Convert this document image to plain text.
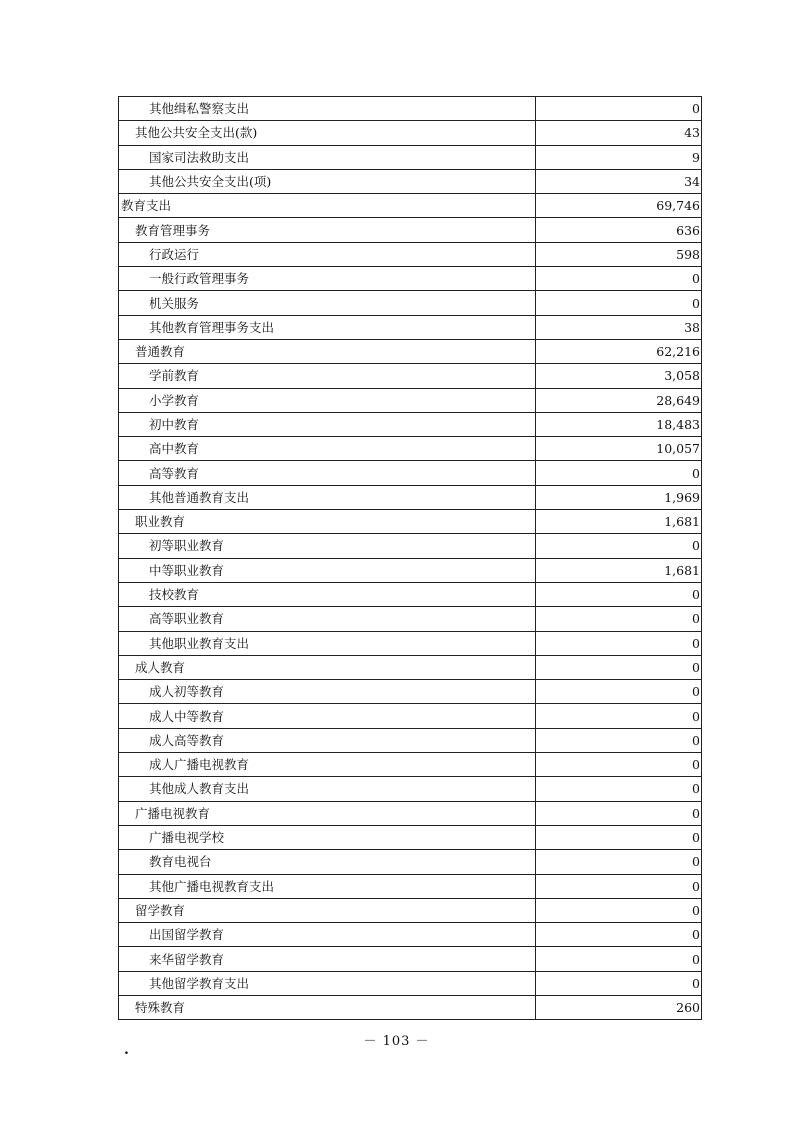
其他缉私警察支出	0
其他公共安全支出(款)	43
国家司法救助支出	9
其他公共安全支出(项)	34
教育支出	69,746
教育管理事务	636
行政运行	598
一般行政管理事务	0
机关服务	0
其他教育管理事务支出	38
普通教育	62,216
学前教育	3,058
小学教育	28,649
初中教育	18,483
高中教育	10,057
高等教育	0
其他普通教育支出	1,969
职业教育	1,681
初等职业教育	0
中等职业教育	1,681
技校教育	0
高等职业教育	0
其他职业教育支出	0
成人教育	0
成人初等教育	0
成人中等教育	0
成人高等教育	0
成人广播电视教育	0
其他成人教育支出	0
广播电视教育	0
广播电视学校	0
教育电视台	0
其他广播电视教育支出	0
留学教育	0
出国留学教育	0
来华留学教育	0
其他留学教育支出	0
特殊教育	260
－ 103 －
.
